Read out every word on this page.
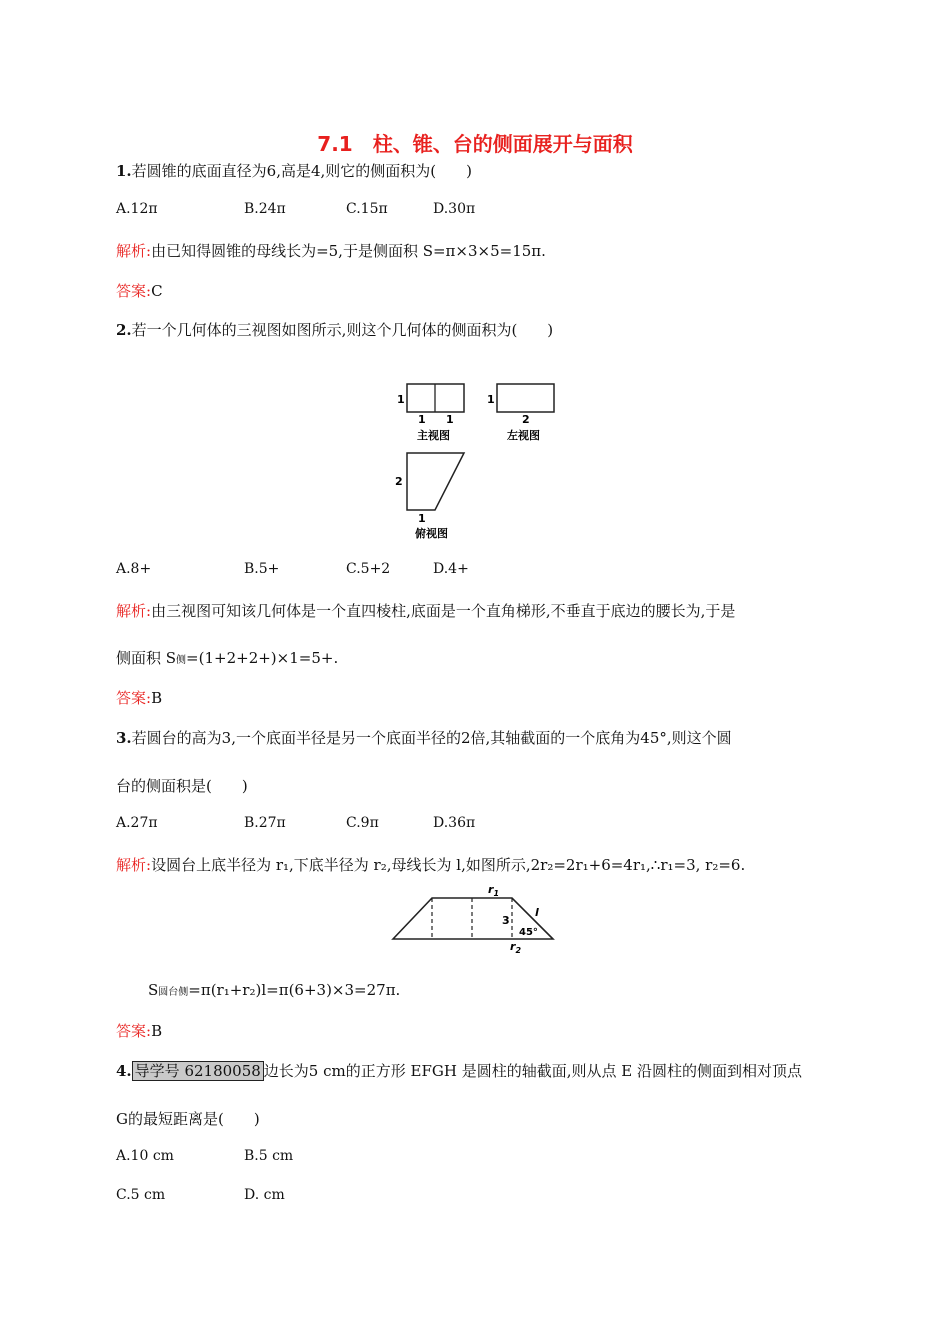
7.1　柱、锥、台的侧面展开与面积
1.若圆锥的底面直径为6,高是4,则它的侧面积为(　　)
A.12π	B.24π	C.15π	D.30π
解析:由已知得圆锥的母线长为=5,于是侧面积 S=π×3×5=15π.
答案:C
2.若一个几何体的三视图如图所示,则这个几何体的侧面积为(　　)
1
1 1
主视图
1
2
左视图
2
1
俯视图
A.8+	B.5+	C.5+2	D.4+
解析:由三视图可知该几何体是一个直四棱柱,底面是一个直角梯形,不垂直于底边的腰长为,于是
侧面积 S侧=(1+2+2+)×1=5+.
答案:B
3.若圆台的高为3,一个底面半径是另一个底面半径的2倍,其轴截面的一个底角为45°,则这个圆
台的侧面积是(　　)
A.27π	B.27π	C.9π	D.36π
解析:设圆台上底半径为 r₁,下底半径为 r₂,母线长为 l,如图所示,2r₂=2r₁+6=4r₁,∴r₁=3, r₂=6.
$r_1$
3
l
45°
$r_2$
S圆台侧=π(r₁+r₂)l=π(6+3)×3=27π.
答案:B
4. 导学号 62180058 边长为5 cm的正方形 EFGH 是圆柱的轴截面,则从点 E 沿圆柱的侧面到相对顶点
G的最短距离是(　　)
A.10 cm	B.5 cm
C.5 cm	D. cm
